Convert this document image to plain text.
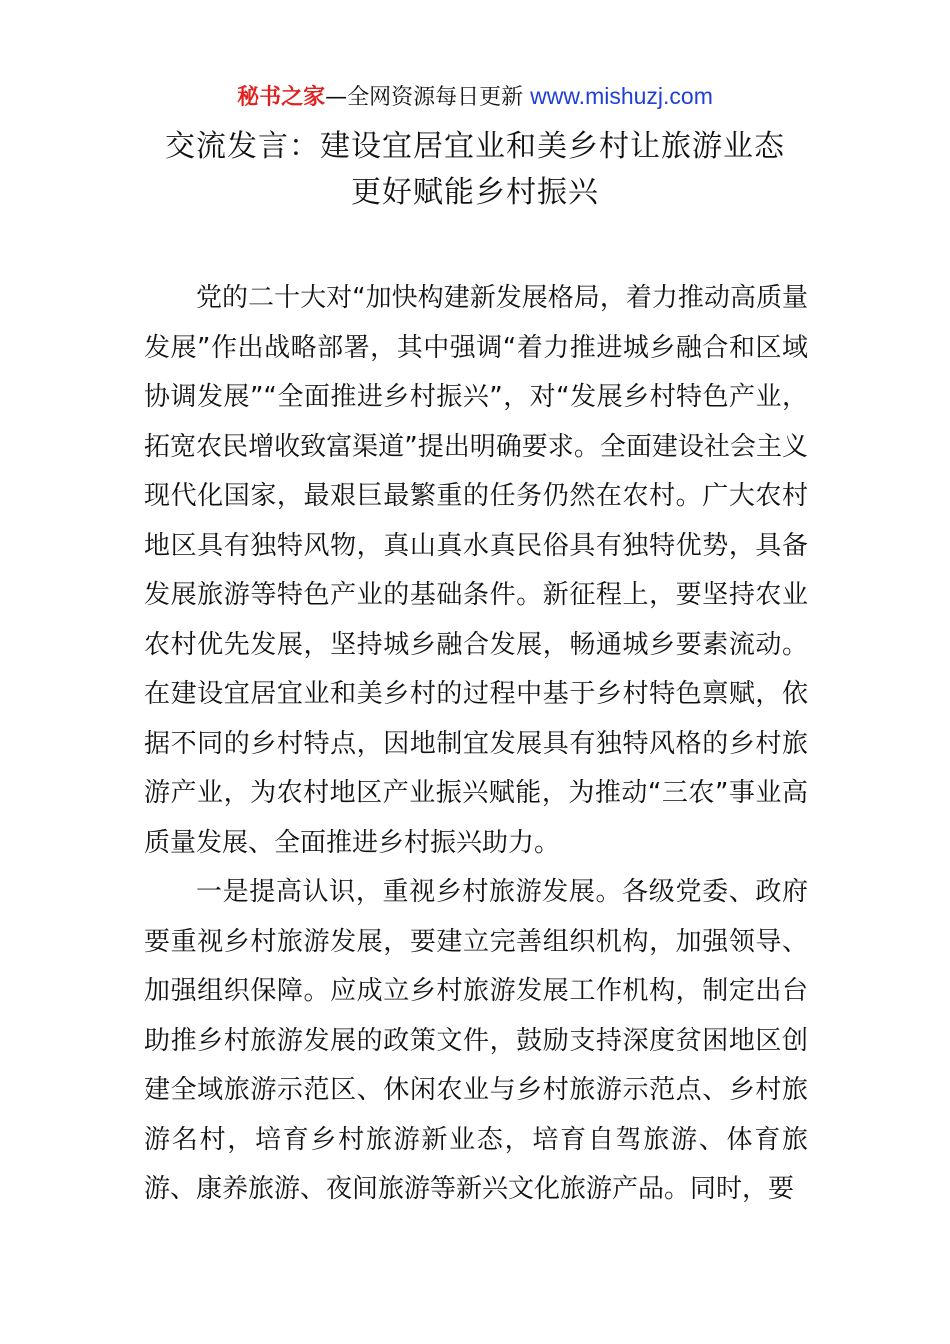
秘书之家—全网资源每日更新 www.mishuzj.com
交流发言：建设宜居宜业和美乡村让旅游业态
更好赋能乡村振兴

党的二十大对“加快构建新发展格局，着力推动高质量发展”作出战略部署，其中强调“着力推进城乡融合和区域协调发展”“全面推进乡村振兴”，对“发展乡村特色产业，拓宽农民增收致富渠道”提出明确要求。全面建设社会主义现代化国家，最艰巨最繁重的任务仍然在农村。广大农村地区具有独特风物，真山真水真民俗具有独特优势，具备发展旅游等特色产业的基础条件。新征程上，要坚持农业农村优先发展，坚持城乡融合发展，畅通城乡要素流动。在建设宜居宜业和美乡村的过程中基于乡村特色禀赋，依据不同的乡村特点，因地制宜发展具有独特风格的乡村旅游产业，为农村地区产业振兴赋能，为推动“三农”事业高质量发展、全面推进乡村振兴助力。

一是提高认识，重视乡村旅游发展。各级党委、政府要重视乡村旅游发展，要建立完善组织机构，加强领导、加强组织保障。应成立乡村旅游发展工作机构，制定出台助推乡村旅游发展的政策文件，鼓励支持深度贫困地区创建全域旅游示范区、休闲农业与乡村旅游示范点、乡村旅游名村，培育乡村旅游新业态，培育自驾旅游、体育旅游、康养旅游、夜间旅游等新兴文化旅游产品。同时，要
